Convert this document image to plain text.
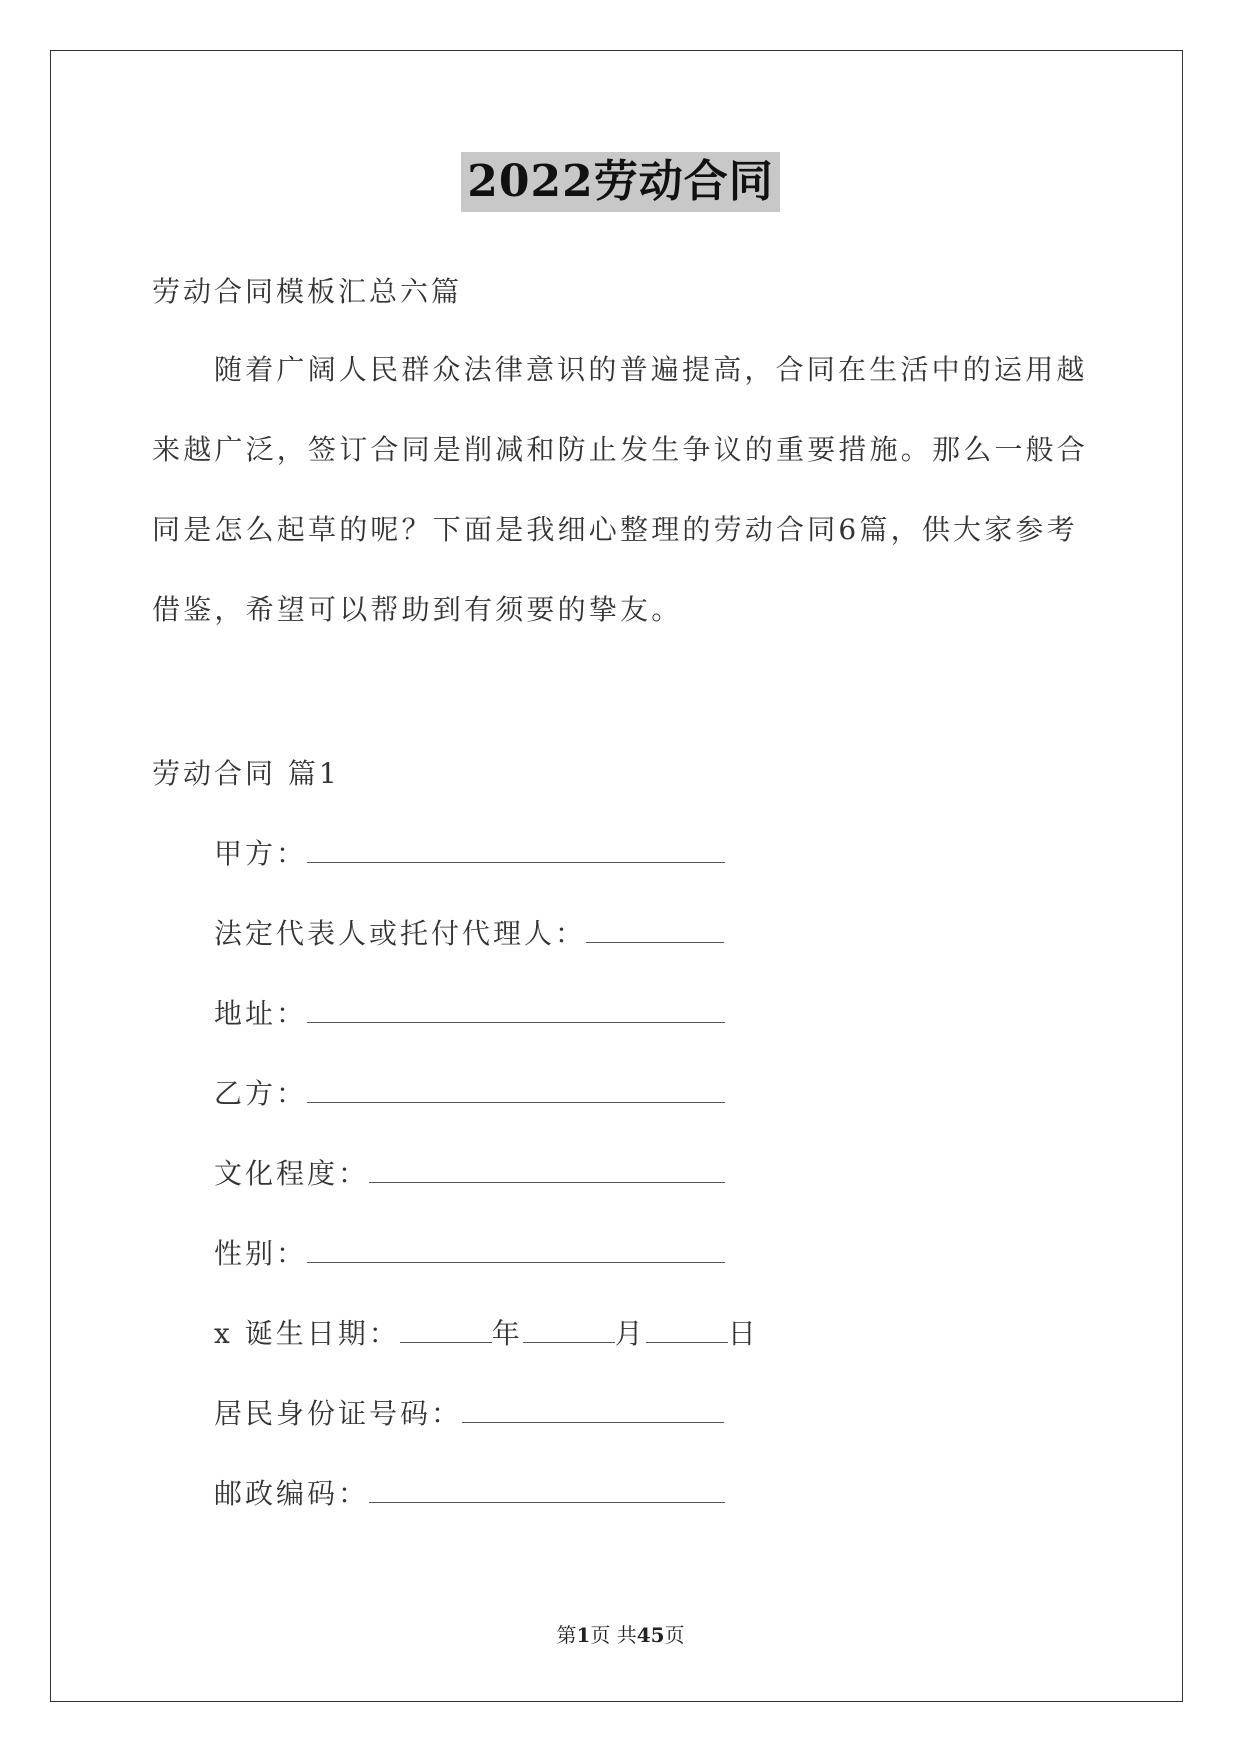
2022劳动合同
劳动合同模板汇总六篇
随着广阔人民群众法律意识的普遍提高，合同在生活中的运用越
来越广泛，签订合同是削减和防止发生争议的重要措施。那么一般合
同是怎么起草的呢？下面是我细心整理的劳动合同6篇，供大家参考
借鉴，希望可以帮助到有须要的挚友。
劳动合同 篇1
甲方：
法定代表人或托付代理人：
地址：
乙方：
文化程度：
性别：
x 诞生日期：	年	月	日
居民身份证号码：
邮政编码：
第1页 共45页
